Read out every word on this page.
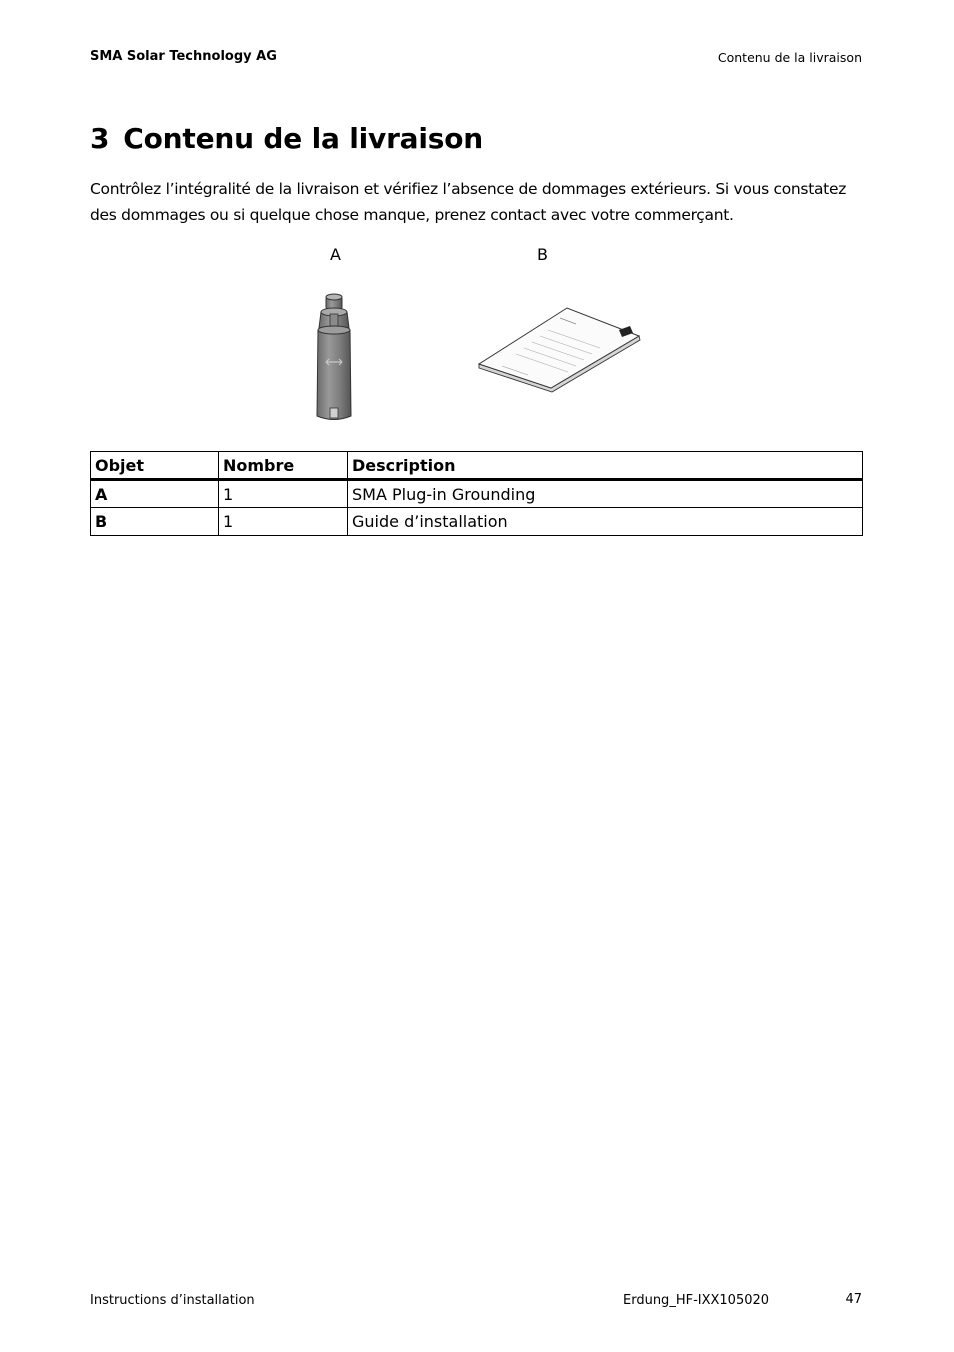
SMA Solar Technology AG	Contenu de la livraison
3 Contenu de la livraison

Contrôlez l’intégralité de la livraison et vérifiez l’absence de dommages extérieurs. Si vous constatez des dommages ou si quelque chose manque, prenez contact avec votre commerçant.

A	B
Objet	Nombre	Description
A	1	SMA Plug-in Grounding
B	1	Guide d’installation
Instructions d’installation	Erdung_HF-IXX105020	47
